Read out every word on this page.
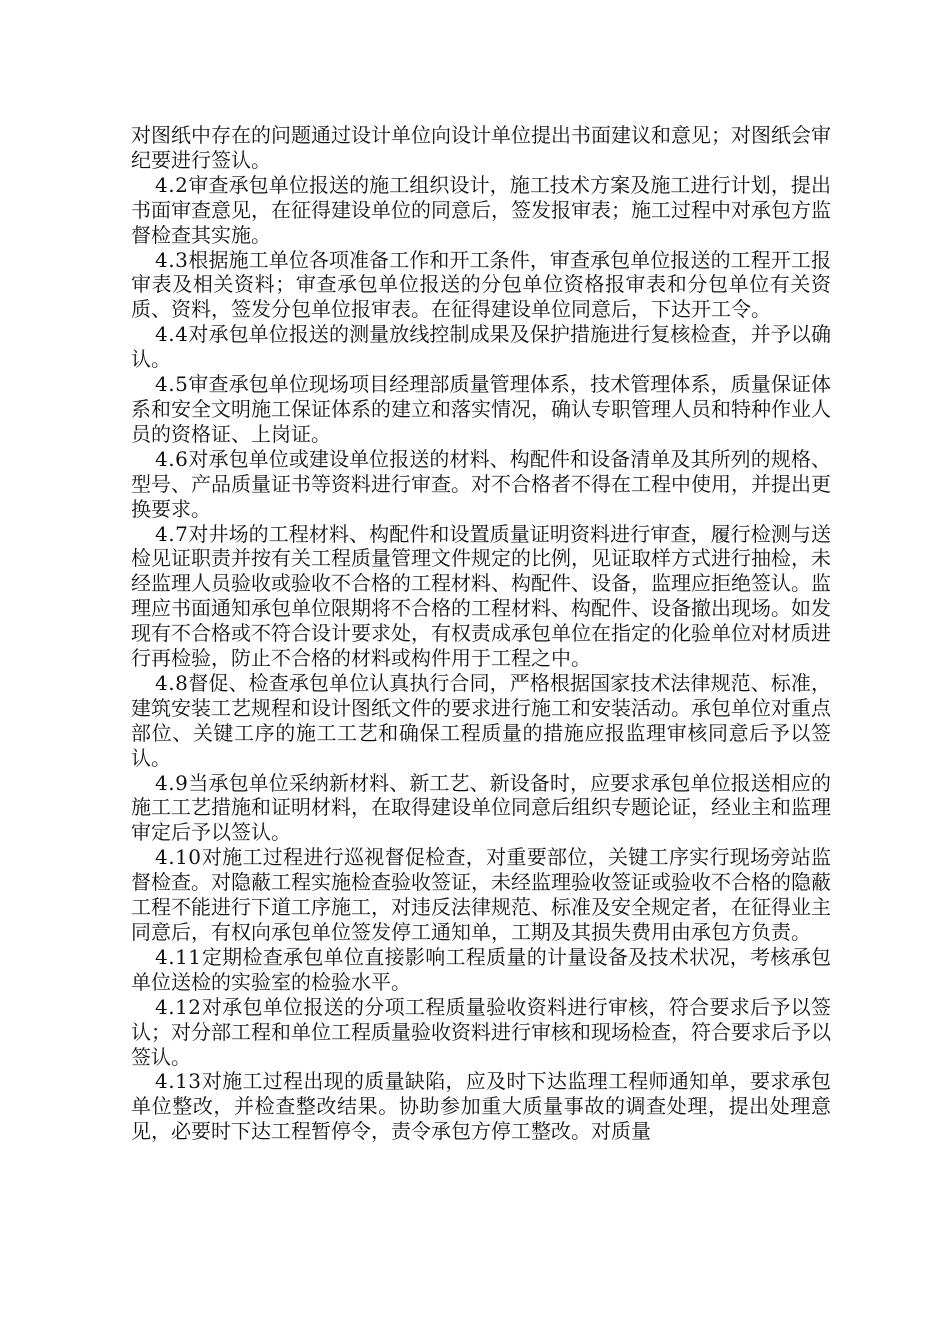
对图纸中存在的问题通过设计单位向设计单位提出书面建议和意见；对图纸会审纪要进行签认。

4.2审查承包单位报送的施工组织设计，施工技术方案及施工进行计划，提出书面审查意见，在征得建设单位的同意后，签发报审表；施工过程中对承包方监督检查其实施。

4.3根据施工单位各项准备工作和开工条件，审查承包单位报送的工程开工报审表及相关资料；审查承包单位报送的分包单位资格报审表和分包单位有关资质、资料，签发分包单位报审表。在征得建设单位同意后，下达开工令。

4.4对承包单位报送的测量放线控制成果及保护措施进行复核检查，并予以确认。

4.5审查承包单位现场项目经理部质量管理体系，技术管理体系，质量保证体系和安全文明施工保证体系的建立和落实情况，确认专职管理人员和特种作业人员的资格证、上岗证。

4.6对承包单位或建设单位报送的材料、构配件和设备清单及其所列的规格、型号、产品质量证书等资料进行审查。对不合格者不得在工程中使用，并提出更换要求。

4.7对井场的工程材料、构配件和设置质量证明资料进行审查，履行检测与送检见证职责并按有关工程质量管理文件规定的比例，见证取样方式进行抽检，未经监理人员验收或验收不合格的工程材料、构配件、设备，监理应拒绝签认。监理应书面通知承包单位限期将不合格的工程材料、构配件、设备撤出现场。如发现有不合格或不符合设计要求处，有权责成承包单位在指定的化验单位对材质进行再检验，防止不合格的材料或构件用于工程之中。

4.8督促、检查承包单位认真执行合同，严格根据国家技术法律规范、标准，建筑安装工艺规程和设计图纸文件的要求进行施工和安装活动。承包单位对重点部位、关键工序的施工工艺和确保工程质量的措施应报监理审核同意后予以签认。

4.9当承包单位采纳新材料、新工艺、新设备时，应要求承包单位报送相应的施工工艺措施和证明材料，在取得建设单位同意后组织专题论证，经业主和监理审定后予以签认。

4.10对施工过程进行巡视督促检查，对重要部位，关键工序实行现场旁站监督检查。对隐蔽工程实施检查验收签证，未经监理验收签证或验收不合格的隐蔽工程不能进行下道工序施工，对违反法律规范、标准及安全规定者，在征得业主同意后，有权向承包单位签发停工通知单，工期及其损失费用由承包方负责。

4.11定期检查承包单位直接影响工程质量的计量设备及技术状况，考核承包单位送检的实验室的检验水平。

4.12对承包单位报送的分项工程质量验收资料进行审核，符合要求后予以签认；对分部工程和单位工程质量验收资料进行审核和现场检查，符合要求后予以签认。

4.13对施工过程出现的质量缺陷，应及时下达监理工程师通知单，要求承包单位整改，并检查整改结果。协助参加重大质量事故的调查处理，提出处理意见，必要时下达工程暂停令，责令承包方停工整改。对质量
